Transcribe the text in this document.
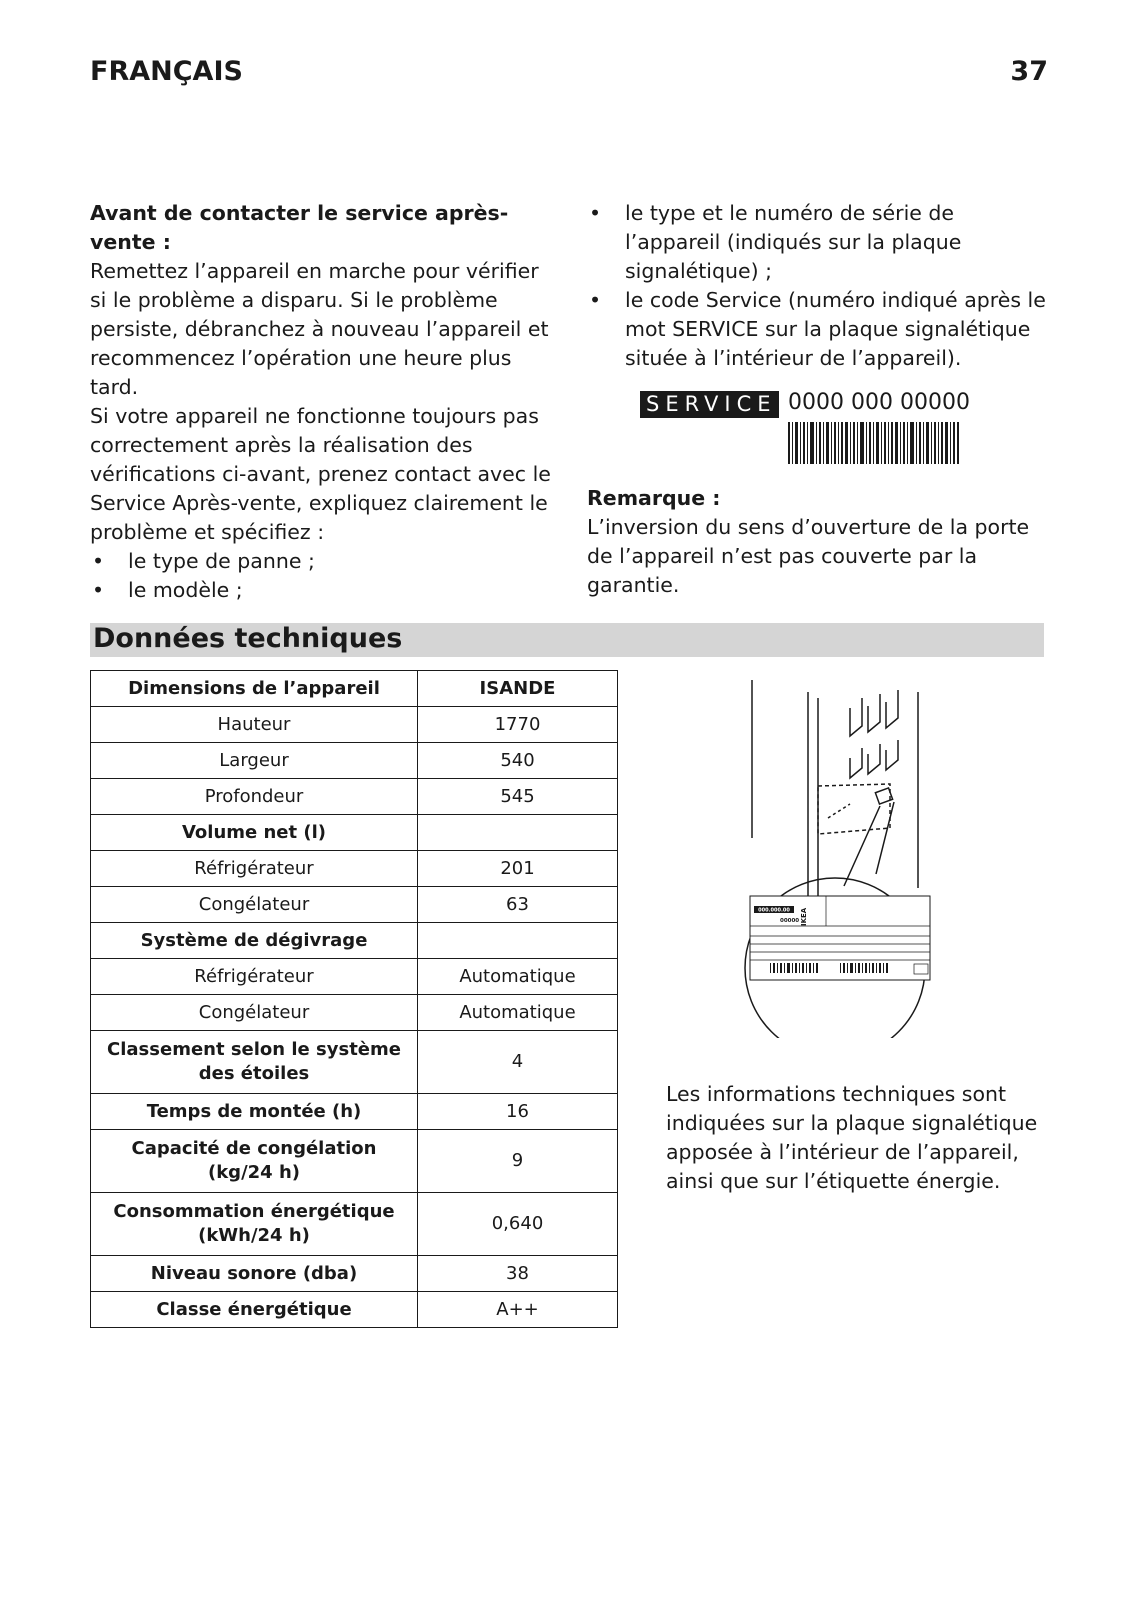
FRANÇAIS	37

Avant de contacter le service après-vente :

Remettez l’appareil en marche pour vérifier si le problème a disparu. Si le problème persiste, débranchez à nouveau l’appareil et recommencez l’opération une heure plus tard.

Si votre appareil ne fonctionne toujours pas correctement après la réalisation des vérifications ci-avant, prenez contact avec le Service Après-vente, expliquez clairement le problème et spécifiez :

• le type de panne ;
• le modèle ;
• le type et le numéro de série de l’appareil (indiqués sur la plaque signalétique) ;
• le code Service (numéro indiqué après le mot SERVICE sur la plaque signalétique située à l’intérieur de l’appareil).
SERVICE 0000 000 00000
Remarque :
L’inversion du sens d’ouverture de la porte de l’appareil n’est pas couverte par la garantie.
Données techniques
Dimensions de l’appareil	ISANDE
Hauteur	1770
Largeur	540
Profondeur	545
Volume net (l)	
Réfrigérateur	201
Congélateur	63
Système de dégivrage	
Réfrigérateur	Automatique
Congélateur	Automatique
Classement selon le système des étoiles	4
Temps de montée (h)	16
Capacité de congélation (kg/24 h)	9
Consommation énergétique (kWh/24 h)	0,640
Niveau sonore (dba)	38
Classe énergétique	A++
000.000.00
00000 IKEA
Les informations techniques sont indiquées sur la plaque signalétique apposée à l’intérieur de l’appareil, ainsi que sur l’étiquette énergie.
